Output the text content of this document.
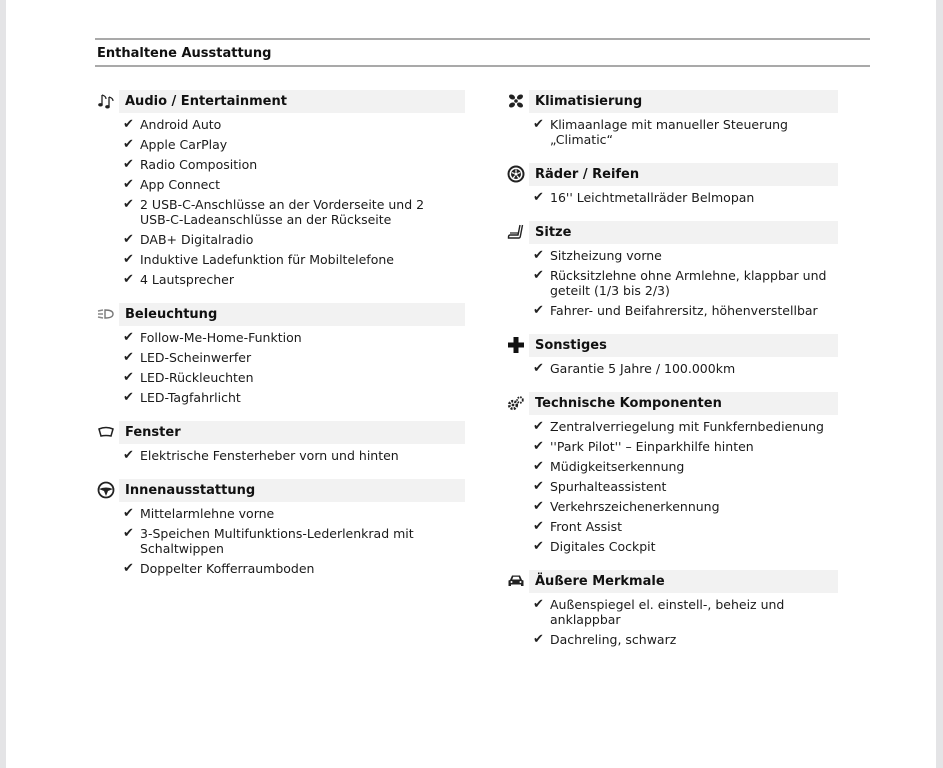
Enthaltene Ausstattung
Audio / Entertainment
✔ Android Auto
✔ Apple CarPlay
✔ Radio Composition
✔ App Connect
✔ 2 USB-C-Anschlüsse an der Vorderseite und 2 USB-C-Ladeanschlüsse an der Rückseite
✔ DAB+ Digitalradio
✔ Induktive Ladefunktion für Mobiltelefone
✔ 4 Lautsprecher
Beleuchtung
✔ Follow-Me-Home-Funktion
✔ LED-Scheinwerfer
✔ LED-Rückleuchten
✔ LED-Tagfahrlicht
Fenster
✔ Elektrische Fensterheber vorn und hinten
Innenausstattung
✔ Mittelarmlehne vorne
✔ 3-Speichen Multifunktions-Lederlenkrad mit Schaltwippen
✔ Doppelter Kofferraumboden
Klimatisierung
✔ Klimaanlage mit manueller Steuerung „Climatic“
Räder / Reifen
✔ 16'' Leichtmetallräder Belmopan
Sitze
✔ Sitzheizung vorne
✔ Rücksitzlehne ohne Armlehne, klappbar und geteilt (1/3 bis 2/3)
✔ Fahrer- und Beifahrersitz, höhenverstellbar
Sonstiges
✔ Garantie 5 Jahre / 100.000km
Technische Komponenten
✔ Zentralverriegelung mit Funkfernbedienung
✔ ''Park Pilot'' – Einparkhilfe hinten
✔ Müdigkeitserkennung
✔ Spurhalteassistent
✔ Verkehrszeichenerkennung
✔ Front Assist
✔ Digitales Cockpit
Äußere Merkmale
✔ Außenspiegel el. einstell-, beheiz und anklappbar
✔ Dachreling, schwarz
